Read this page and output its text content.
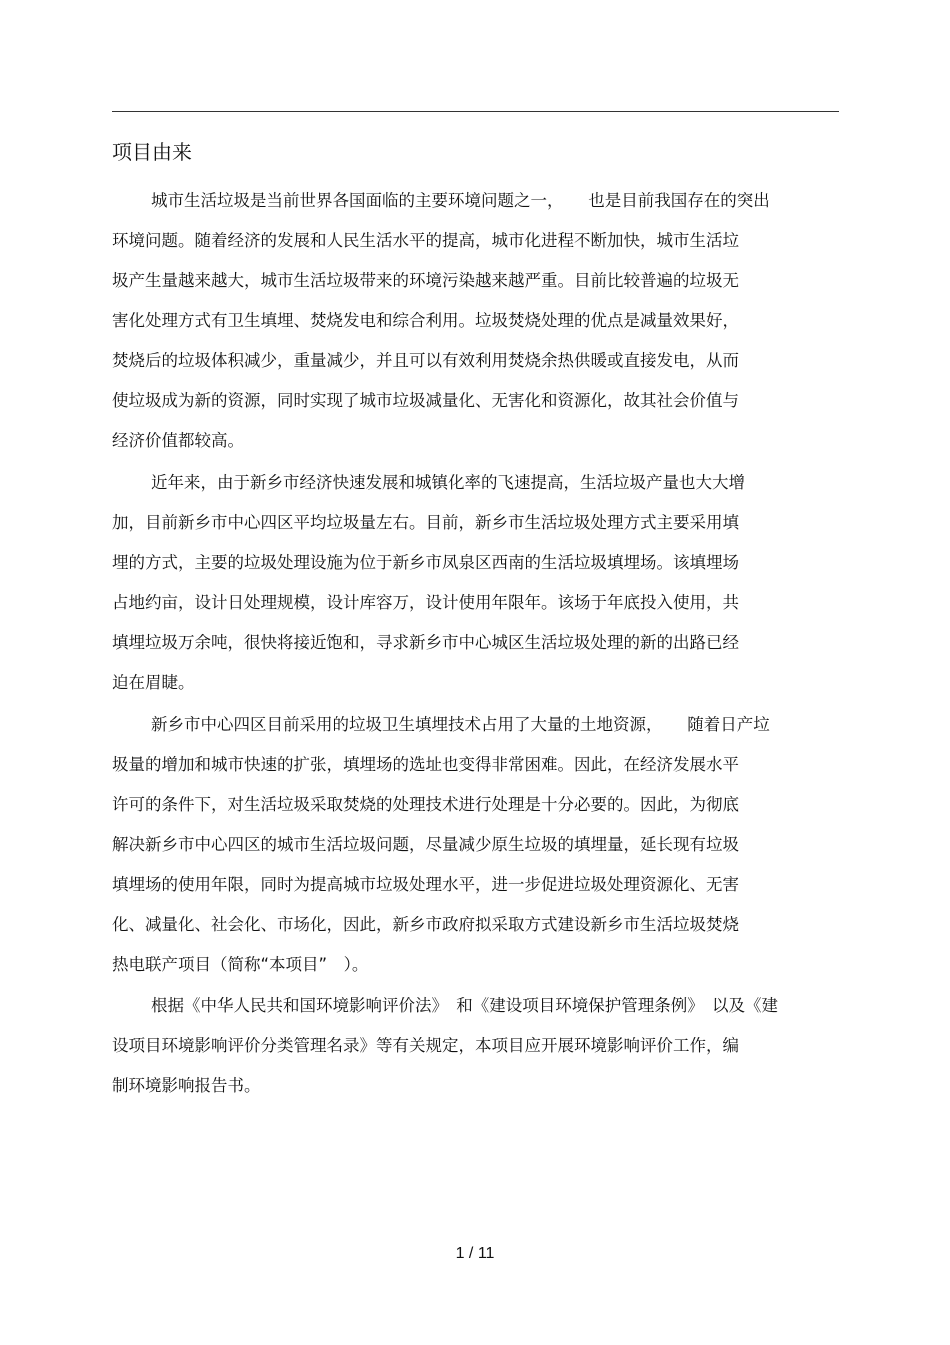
项目由来

城市生活垃圾是当前世界各国面临的主要环境问题之一，　　也是目前我国存在的突出

环境问题。随着经济的发展和人民生活水平的提高，城市化进程不断加快，城市生活垃

圾产生量越来越大，城市生活垃圾带来的环境污染越来越严重。目前比较普遍的垃圾无

害化处理方式有卫生填埋、焚烧发电和综合利用。垃圾焚烧处理的优点是减量效果好，

焚烧后的垃圾体积减少，重量减少，并且可以有效利用焚烧余热供暖或直接发电，从而

使垃圾成为新的资源，同时实现了城市垃圾减量化、无害化和资源化，故其社会价值与

经济价值都较高。

近年来，由于新乡市经济快速发展和城镇化率的飞速提高，生活垃圾产量也大大增

加，目前新乡市中心四区平均垃圾量左右。目前，新乡市生活垃圾处理方式主要采用填

埋的方式，主要的垃圾处理设施为位于新乡市凤泉区西南的生活垃圾填埋场。该填埋场

占地约亩，设计日处理规模，设计库容万，设计使用年限年。该场于年底投入使用，共

填埋垃圾万余吨，很快将接近饱和，寻求新乡市中心城区生活垃圾处理的新的出路已经

迫在眉睫。

新乡市中心四区目前采用的垃圾卫生填埋技术占用了大量的土地资源，　　随着日产垃

圾量的增加和城市快速的扩张，填埋场的选址也变得非常困难。因此，在经济发展水平

许可的条件下，对生活垃圾采取焚烧的处理技术进行处理是十分必要的。因此，为彻底

解决新乡市中心四区的城市生活垃圾问题，尽量减少原生垃圾的填埋量，延长现有垃圾

填埋场的使用年限，同时为提高城市垃圾处理水平，进一步促进垃圾处理资源化、无害

化、减量化、社会化、市场化，因此，新乡市政府拟采取方式建设新乡市生活垃圾焚烧

热电联产项目（简称“本项目”　）。

根据《中华人民共和国环境影响评价法》　和《建设项目环境保护管理条例》　以及《建

设项目环境影响评价分类管理名录》等有关规定，本项目应开展环境影响评价工作，编

制环境影响报告书。

1 / 11
